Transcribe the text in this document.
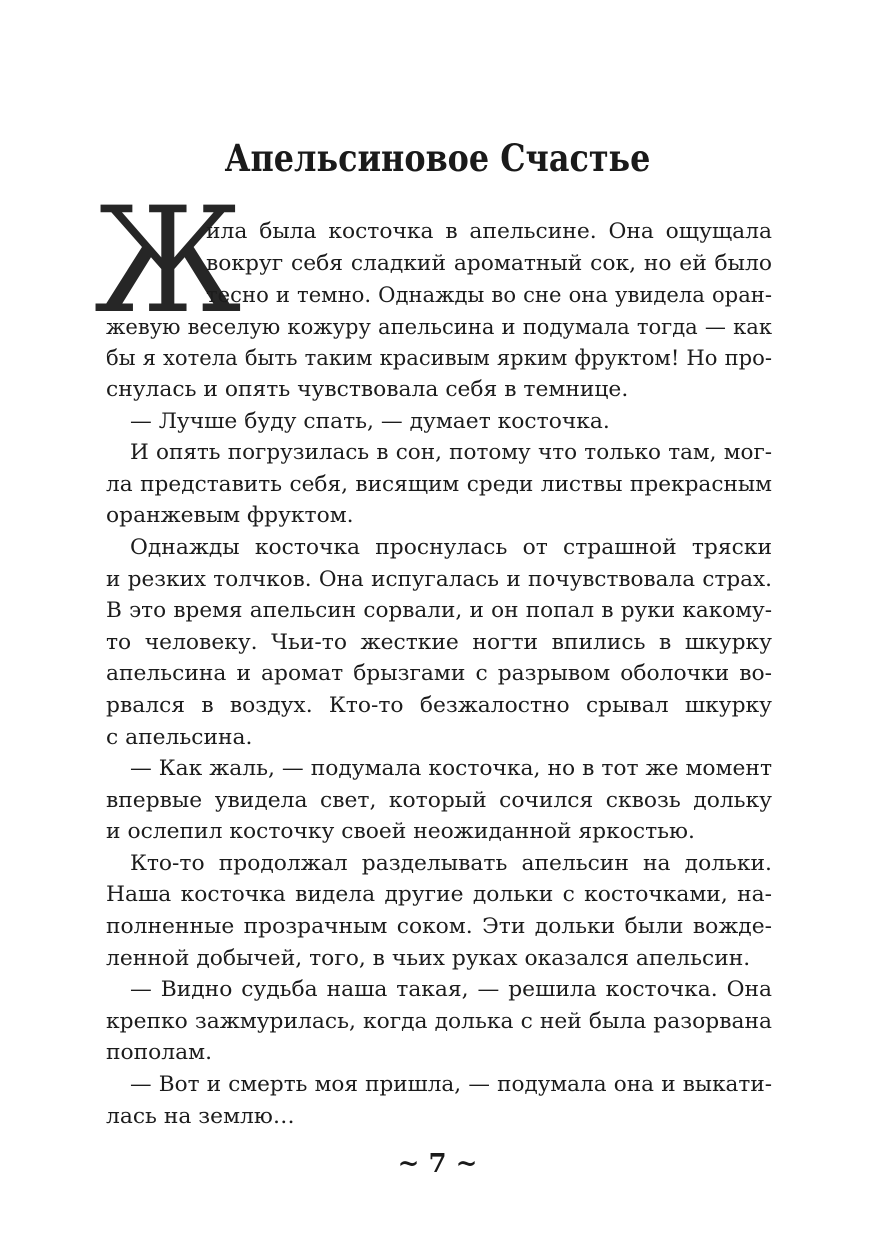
Апельсиновое Счастье
Ж
ила была косточка в апельсине. Она ощущала
вокруг себя сладкий ароматный сок, но ей было
тесно и темно. Однажды во сне она увидела оран-
жевую веселую кожуру апельсина и подумала тогда — как
бы я хотела быть таким красивым ярким фруктом! Но про-
снулась и опять чувствовала себя в темнице.
— Лучше буду спать, — думает косточка.
И опять погрузилась в сон, потому что только там, мог-
ла представить себя, висящим среди листвы прекрасным
оранжевым фруктом.
Однажды косточка проснулась от страшной тряски
и резких толчков. Она испугалась и почувствовала страх.
В это время апельсин сорвали, и он попал в руки какому-
то человеку. Чьи-то жесткие ногти впились в шкурку
апельсина и аромат брызгами с разрывом оболочки во-
рвался в воздух. Кто-то безжалостно срывал шкурку
с апельсина.
— Как жаль, — подумала косточка, но в тот же момент
впервые увидела свет, который сочился сквозь дольку
и ослепил косточку своей неожиданной яркостью.
Кто-то продолжал разделывать апельсин на дольки.
Наша косточка видела другие дольки с косточками, на-
полненные прозрачным соком. Эти дольки были вожде-
ленной добычей, того, в чьих руках оказался апельсин.
— Видно судьба наша такая, — решила косточка. Она
крепко зажмурилась, когда долька с ней была разорвана
пополам.
— Вот и смерть моя пришла, — подумала она и выкати-
лась на землю…
~ 7 ~
